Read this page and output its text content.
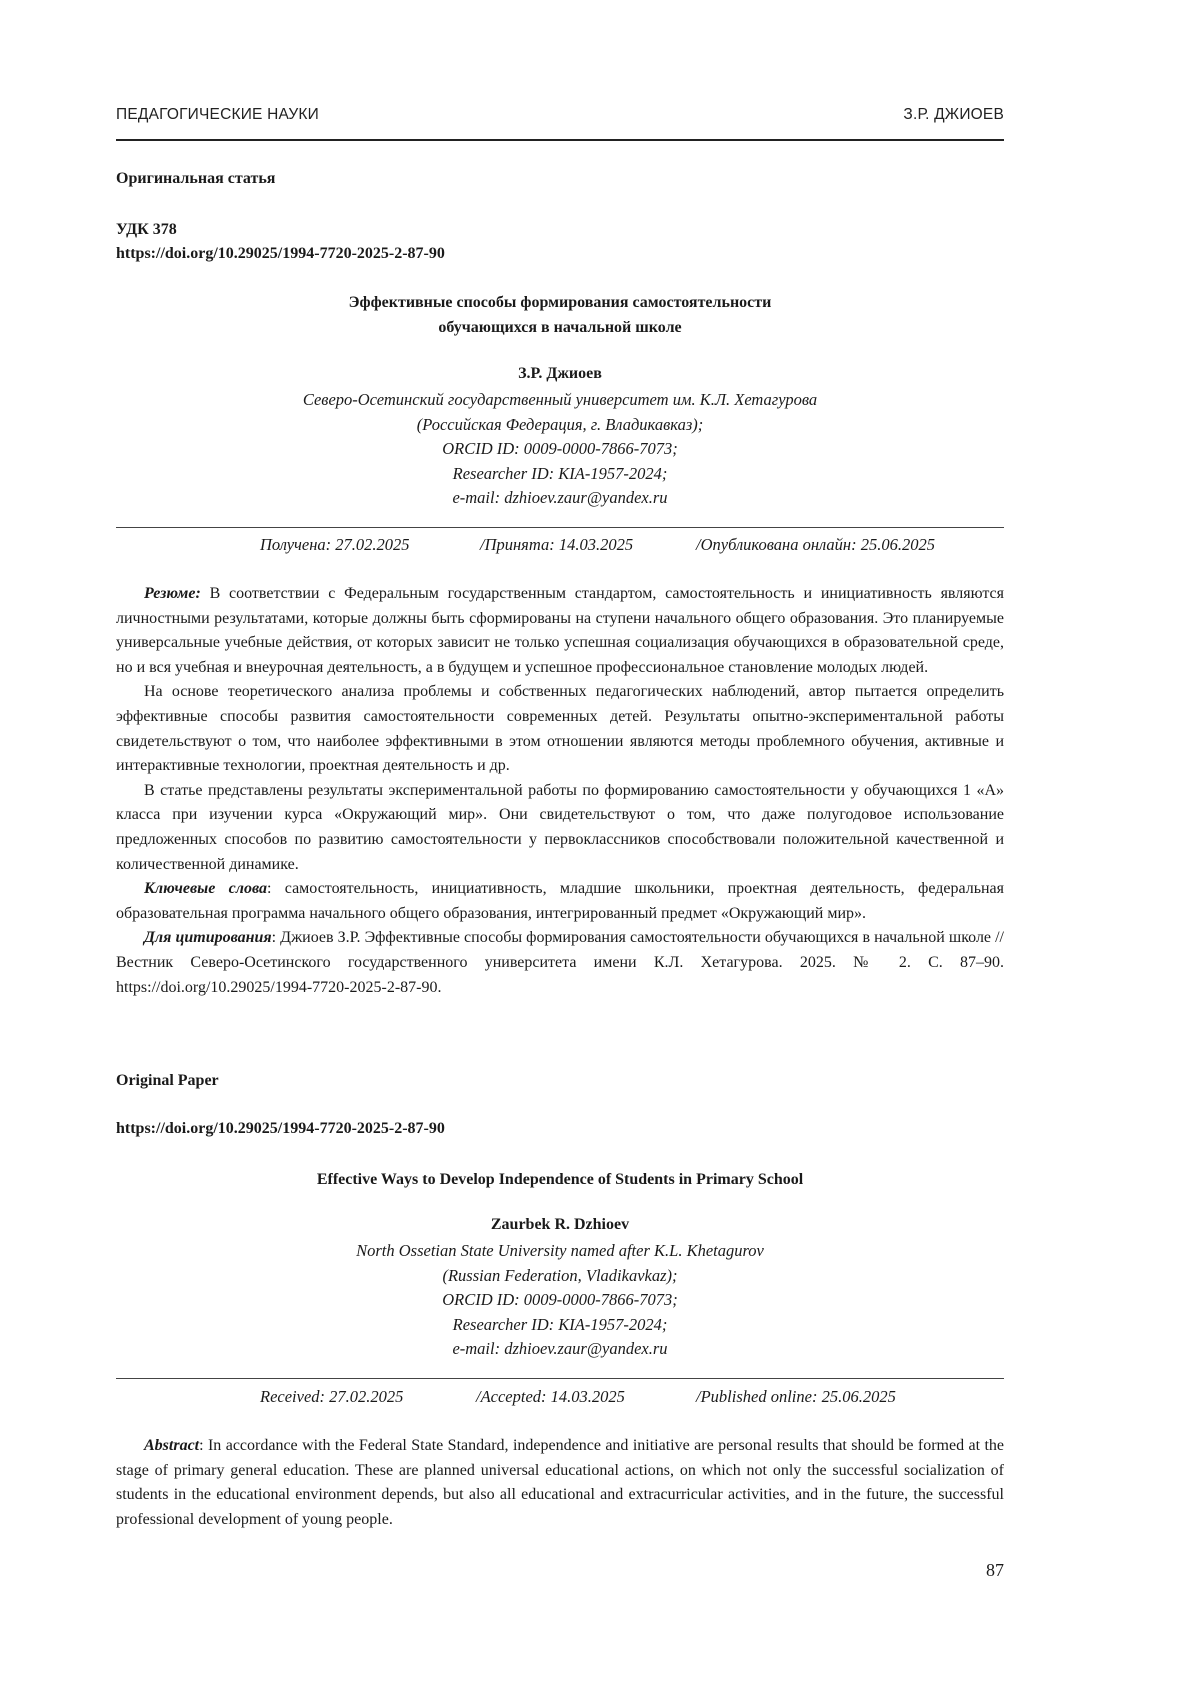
ПЕДАГОГИЧЕСКИЕ НАУКИ	З.Р. ДЖИОЕВ
Оригинальная статья
УДК 378
https://doi.org/10.29025/1994-7720-2025-2-87-90
Эффективные способы формирования самостоятельности
обучающихся в начальной школе
З.Р. Джиоев
Северо-Осетинский государственный университет им. К.Л. Хетагурова
(Российская Федерация, г. Владикавказ);
ORCID ID: 0009-0000-7866-7073;
Researcher ID: KIA-1957-2024;
e-mail: dzhioev.zaur@yandex.ru
Получена: 27.02.2025	/Принята: 14.03.2025	/Опубликована онлайн: 25.06.2025

Резюме: В соответствии с Федеральным государственным стандартом, самостоятельность и инициативность являются личностными результатами, которые должны быть сформированы на ступени начального общего образования. Это планируемые универсальные учебные действия, от которых зависит не только успешная социализация обучающихся в образовательной среде, но и вся учебная и внеурочная деятельность, а в будущем и успешное профессиональное становление молодых людей.

На основе теоретического анализа проблемы и собственных педагогических наблюдений, автор пытается определить эффективные способы развития самостоятельности современных детей. Результаты опытно-экспериментальной работы свидетельствуют о том, что наиболее эффективными в этом отношении являются методы проблемного обучения, активные и интерактивные технологии, проектная деятельность и др.

В статье представлены результаты экспериментальной работы по формированию самостоятельности у обучающихся 1 «А» класса при изучении курса «Окружающий мир». Они свидетельствуют о том, что даже полугодовое использование предложенных способов по развитию самостоятельности у первоклассников способствовали положительной качественной и количественной динамике.

Ключевые слова: самостоятельность, инициативность, младшие школьники, проектная деятельность, федеральная образовательная программа начального общего образования, интегрированный предмет «Окружающий мир».

Для цитирования: Джиоев З.Р. Эффективные способы формирования самостоятельности обучающихся в начальной школе // Вестник Северо-Осетинского государственного университета имени К.Л. Хетагурова. 2025. № 2. С. 87–90. https://doi.org/10.29025/1994-7720-2025-2-87-90.

Original Paper
https://doi.org/10.29025/1994-7720-2025-2-87-90
Effective Ways to Develop Independence of Students in Primary School
Zaurbek R. Dzhioev
North Ossetian State University named after K.L. Khetagurov
(Russian Federation, Vladikavkaz);
ORCID ID: 0009-0000-7866-7073;
Researcher ID: KIA-1957-2024;
e-mail: dzhioev.zaur@yandex.ru
Received: 27.02.2025	/Accepted: 14.03.2025	/Published online: 25.06.2025

Abstract: In accordance with the Federal State Standard, independence and initiative are personal results that should be formed at the stage of primary general education. These are planned universal educational actions, on which not only the successful socialization of students in the educational environment depends, but also all educational and extracurricular activities, and in the future, the successful professional development of young people.

87
